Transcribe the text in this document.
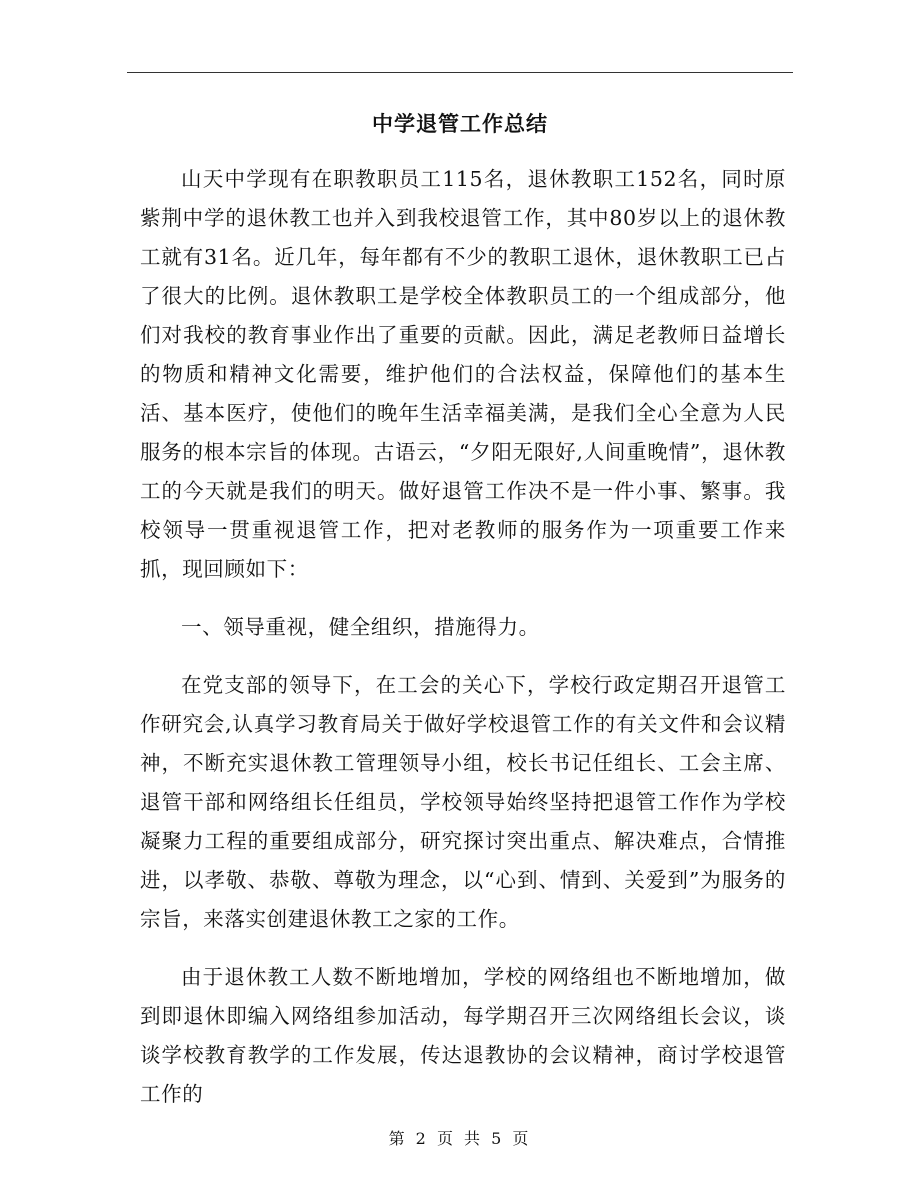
中学退管工作总结

山天中学现有在职教职员工115名，退休教职工152名，同时原紫荆中学的退休教工也并入到我校退管工作，其中80岁以上的退休教工就有31名。近几年，每年都有不少的教职工退休，退休教职工已占了很大的比例。退休教职工是学校全体教职员工的一个组成部分，他们对我校的教育事业作出了重要的贡献。因此，满足老教师日益增长的物质和精神文化需要，维护他们的合法权益，保障他们的基本生活、基本医疗，使他们的晚年生活幸福美满，是我们全心全意为人民服务的根本宗旨的体现。古语云，“夕阳无限好,人间重晚情”，退休教工的今天就是我们的明天。做好退管工作决不是一件小事、繁事。我校领导一贯重视退管工作，把对老教师的服务作为一项重要工作来抓，现回顾如下：

一、领导重视，健全组织，措施得力。

在党支部的领导下，在工会的关心下，学校行政定期召开退管工作研究会,认真学习教育局关于做好学校退管工作的有关文件和会议精神，不断充实退休教工管理领导小组，校长书记任组长、工会主席、退管干部和网络组长任组员，学校领导始终坚持把退管工作作为学校凝聚力工程的重要组成部分，研究探讨突出重点、解决难点，合情推进，以孝敬、恭敬、尊敬为理念，以“心到、情到、关爱到”为服务的宗旨，来落实创建退休教工之家的工作。

由于退休教工人数不断地增加，学校的网络组也不断地增加，做到即退休即编入网络组参加活动，每学期召开三次网络组长会议，谈谈学校教育教学的工作发展，传达退教协的会议精神，商讨学校退管工作的

第 2 页 共 5 页
